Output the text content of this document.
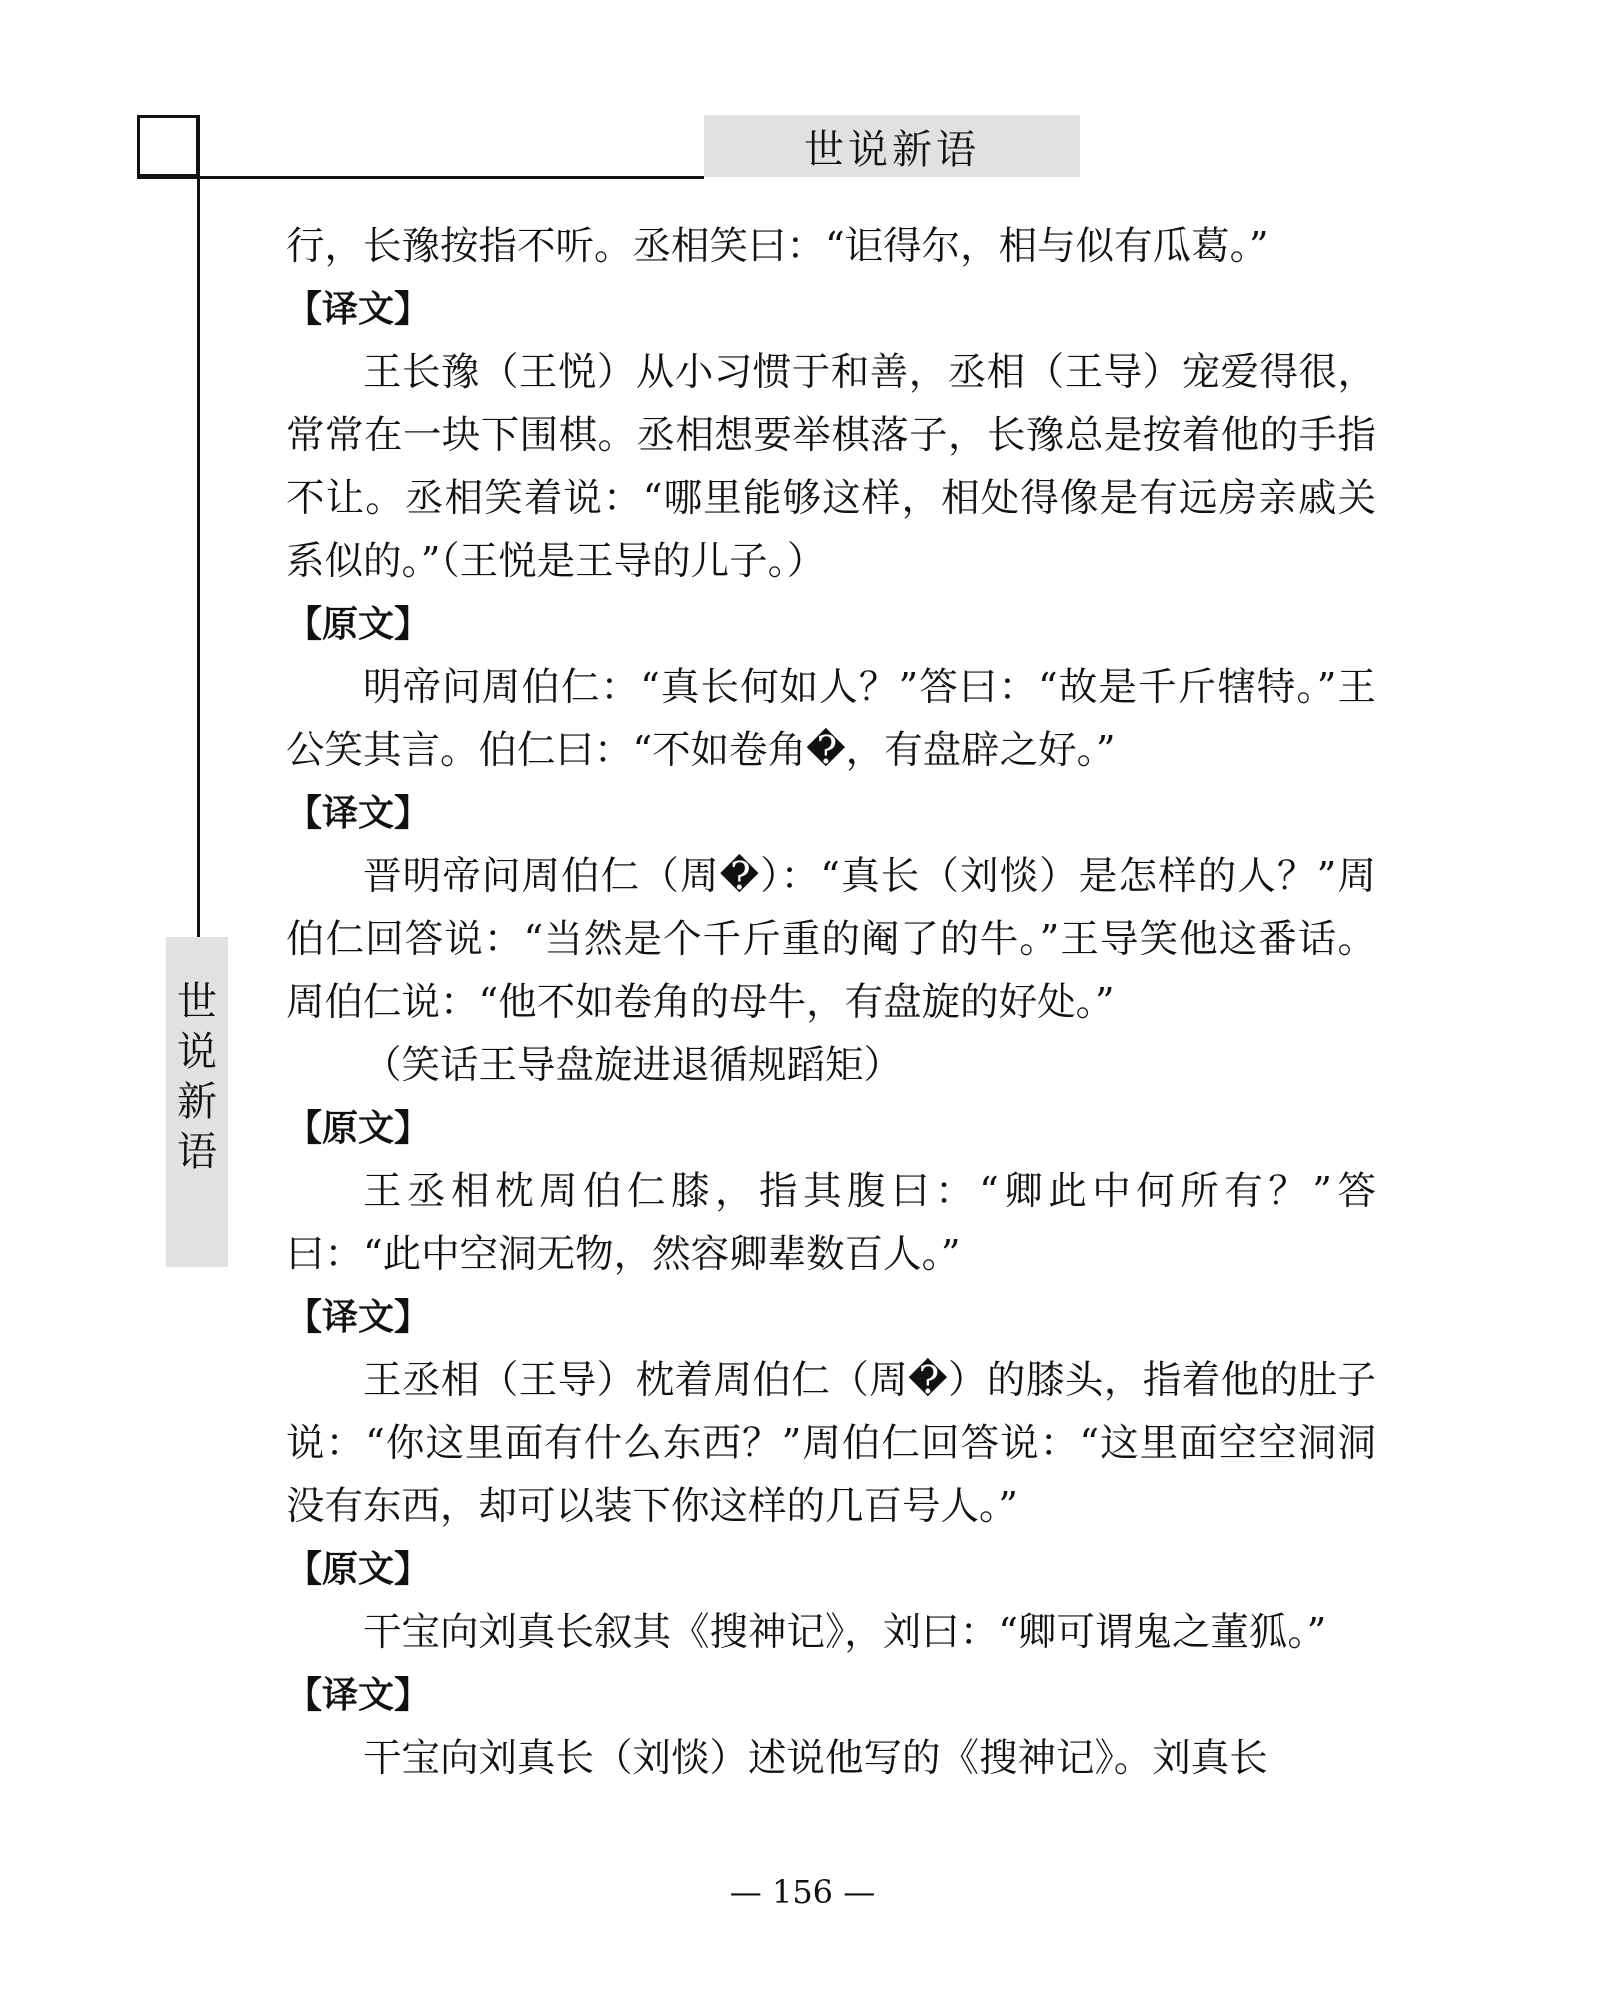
世说新语
世
说
新
语

行，长豫按指不听。丞相笑曰：“讵得尔，相与似有瓜葛。”

【译文】

王长豫（王悦）从小习惯于和善，丞相（王导）宠爱得很，常常在一块下围棋。丞相想要举棋落子，长豫总是按着他的手指不让。丞相笑着说：“哪里能够这样，相处得像是有远房亲戚关系似的。”（王悦是王导的儿子。）

【原文】

明帝问周伯仁：“真长何如人？”答曰：“故是千斤犗特。”王公笑其言。伯仁曰：“不如卷角�，有盘辟之好。”

【译文】

晋明帝问周伯仁（周�）：“真长（刘惔）是怎样的人？”周伯仁回答说：“当然是个千斤重的阉了的牛。”王导笑他这番话。周伯仁说：“他不如卷角的母牛，有盘旋的好处。”

（笑话王导盘旋进退循规蹈矩）

【原文】

王丞相枕周伯仁膝，指其腹曰：“卿此中何所有？”答曰：“此中空洞无物，然容卿辈数百人。”

【译文】

王丞相（王导）枕着周伯仁（周�）的膝头，指着他的肚子说：“你这里面有什么东西？”周伯仁回答说：“这里面空空洞洞没有东西，却可以装下你这样的几百号人。”

【原文】

干宝向刘真长叙其《搜神记》，刘曰：“卿可谓鬼之董狐。”

【译文】

干宝向刘真长（刘惔）述说他写的《搜神记》。刘真长

— 156 —
